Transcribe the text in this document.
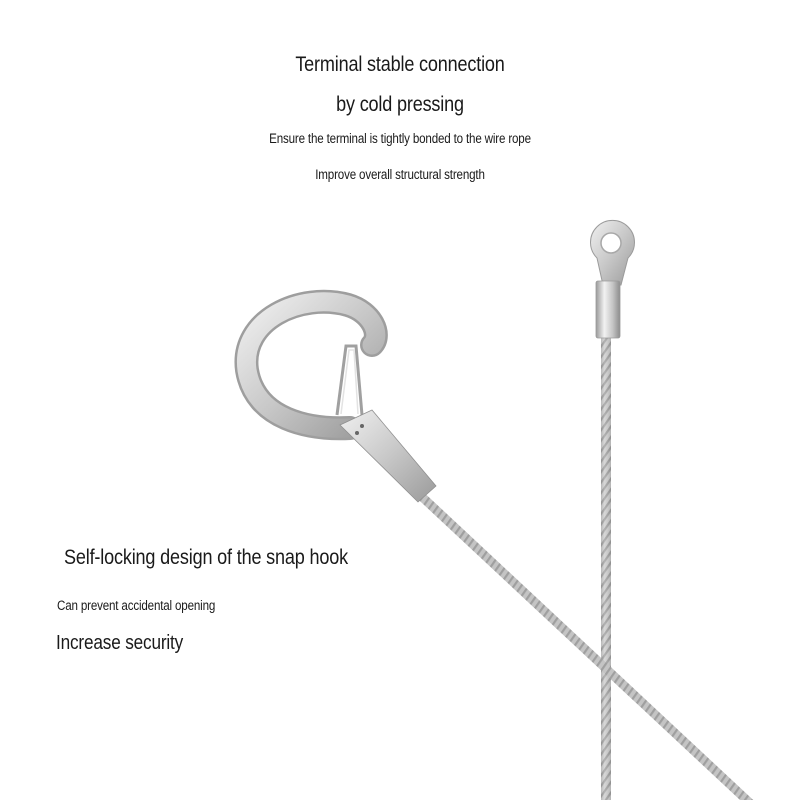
Terminal stable connection
by cold pressing
Ensure the terminal is tightly bonded to the wire rope
Improve overall structural strength
Self-locking design of the snap hook
Can prevent accidental opening
Increase security
